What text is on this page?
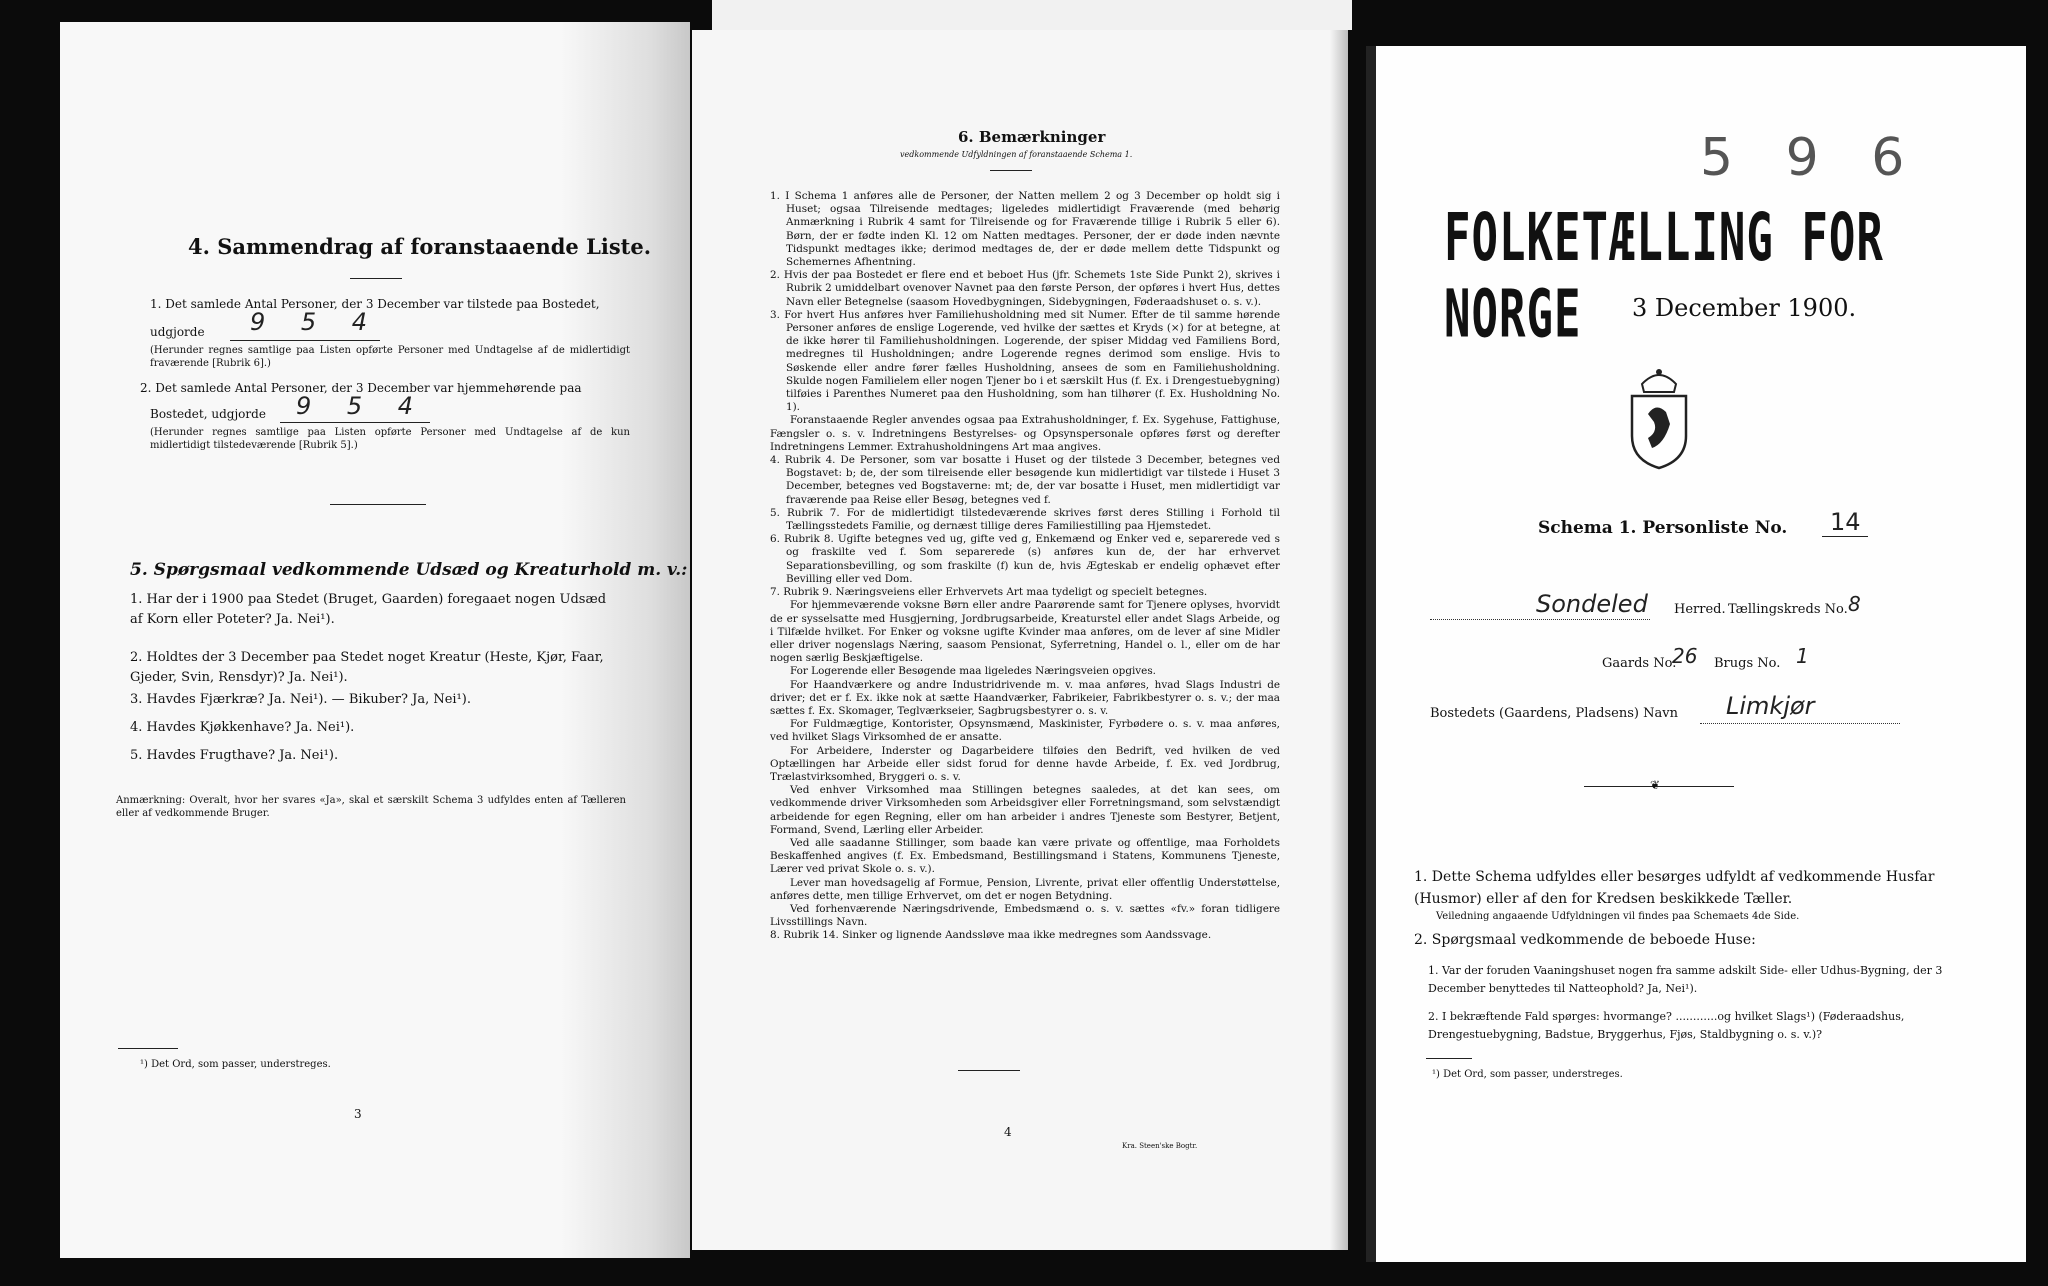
4. Sammendrag af foranstaaende Liste.
1. Det samlede Antal Personer, der 3 December var tilstede paa Bostedet,
udgjorde 9 5 4
(Herunder regnes samtlige paa Listen opførte Personer med Undtagelse af de midlertidigt fraværende [Rubrik 6].)
2. Det samlede Antal Personer, der 3 December var hjemmehørende paa
Bostedet, udgjorde 9 5 4
(Herunder regnes samtlige paa Listen opførte Personer med Undtagelse af de kun midlertidigt tilstedeværende [Rubrik 5].)
5. Spørgsmaal vedkommende Udsæd og Kreaturhold m. v.:
1. Har der i 1900 paa Stedet (Bruget, Gaarden) foregaaet nogen Udsæd af Korn eller Poteter? Ja. Nei¹).
2. Holdtes der 3 December paa Stedet noget Kreatur (Heste, Kjør, Faar, Gjeder, Svin, Rensdyr)? Ja. Nei¹).
3. Havdes Fjærkræ? Ja. Nei¹). — Bikuber? Ja, Nei¹).
4. Havdes Kjøkkenhave? Ja. Nei¹).
5. Havdes Frugthave? Ja. Nei¹).
Anmærkning: Overalt, hvor her svares «Ja», skal et særskilt Schema 3 udfyldes enten af Tælleren eller af vedkommende Bruger.
¹) Det Ord, som passer, understreges.
3
6. Bemærkninger
vedkommende Udfyldningen af foranstaaende Schema 1.

1. I Schema 1 anføres alle de Personer, der Natten mellem 2 og 3 December op holdt sig i Huset; ogsaa Tilreisende medtages; ligeledes midlertidigt Fraværende (med behørig Anmærkning i Rubrik 4 samt for Tilreisende og for Fraværende tillige i Rubrik 5 eller 6). Børn, der er fødte inden Kl. 12 om Natten medtages. Personer, der er døde inden nævnte Tidspunkt medtages ikke; derimod medtages de, der er døde mellem dette Tidspunkt og Schemernes Afhentning.

2. Hvis der paa Bostedet er flere end et beboet Hus (jfr. Schemets 1ste Side Punkt 2), skrives i Rubrik 2 umiddelbart ovenover Navnet paa den første Person, der opføres i hvert Hus, dettes Navn eller Betegnelse (saasom Hovedbygningen, Sidebygningen, Føderaadshuset o. s. v.).

3. For hvert Hus anføres hver Familiehusholdning med sit Numer. Efter de til samme hørende Personer anføres de enslige Logerende, ved hvilke der sættes et Kryds (×) for at betegne, at de ikke hører til Familiehusholdningen. Logerende, der spiser Middag ved Familiens Bord, medregnes til Husholdningen; andre Logerende regnes derimod som enslige. Hvis to Søskende eller andre fører fælles Husholdning, ansees de som en Familiehusholdning. Skulde nogen Familielem eller nogen Tjener bo i et særskilt Hus (f. Ex. i Drengestuebygning) tilføies i Parenthes Numeret paa den Husholdning, som han tilhører (f. Ex. Husholdning No. 1).

Foranstaaende Regler anvendes ogsaa paa Extrahusholdninger, f. Ex. Sygehuse, Fattighuse, Fængsler o. s. v. Indretningens Bestyrelses- og Opsynspersonale opføres først og derefter Indretningens Lemmer. Extrahusholdningens Art maa angives.

4. Rubrik 4. De Personer, som var bosatte i Huset og der tilstede 3 December, betegnes ved Bogstavet: b; de, der som tilreisende eller besøgende kun midlertidigt var tilstede i Huset 3 December, betegnes ved Bogstaverne: mt; de, der var bosatte i Huset, men midlertidigt var fraværende paa Reise eller Besøg, betegnes ved f.

5. Rubrik 7. For de midlertidigt tilstedeværende skrives først deres Stilling i Forhold til Tællingsstedets Familie, og dernæst tillige deres Familiestilling paa Hjemstedet.

6. Rubrik 8. Ugifte betegnes ved ug, gifte ved g, Enkemænd og Enker ved e, separerede ved s og fraskilte ved f. Som separerede (s) anføres kun de, der har erhvervet Separationsbevilling, og som fraskilte (f) kun de, hvis Ægteskab er endelig ophævet efter Bevilling eller ved Dom.

7. Rubrik 9. Næringsveiens eller Erhvervets Art maa tydeligt og specielt betegnes.

For hjemmeværende voksne Børn eller andre Paarørende samt for Tjenere oplyses, hvorvidt de er sysselsatte med Husgjerning, Jordbrugsarbeide, Kreaturstel eller andet Slags Arbeide, og i Tilfælde hvilket. For Enker og voksne ugifte Kvinder maa anføres, om de lever af sine Midler eller driver nogenslags Næring, saasom Pensionat, Syferretning, Handel o. l., eller om de har nogen særlig Beskjæftigelse.

For Logerende eller Besøgende maa ligeledes Næringsveien opgives.

For Haandværkere og andre Industridrivende m. v. maa anføres, hvad Slags Industri de driver; det er f. Ex. ikke nok at sætte Haandværker, Fabrikeier, Fabrikbestyrer o. s. v.; der maa sættes f. Ex. Skomager, Teglværkseier, Sagbrugsbestyrer o. s. v.

For Fuldmægtige, Kontorister, Opsynsmænd, Maskinister, Fyrbødere o. s. v. maa anføres, ved hvilket Slags Virksomhed de er ansatte.

For Arbeidere, Inderster og Dagarbeidere tilføies den Bedrift, ved hvilken de ved Optællingen har Arbeide eller sidst forud for denne havde Arbeide, f. Ex. ved Jordbrug, Trælastvirksomhed, Bryggeri o. s. v.

Ved enhver Virksomhed maa Stillingen betegnes saaledes, at det kan sees, om vedkommende driver Virksomheden som Arbeidsgiver eller Forretningsmand, som selvstændigt arbeidende for egen Regning, eller om han arbeider i andres Tjeneste som Bestyrer, Betjent, Formand, Svend, Lærling eller Arbeider.

Ved alle saadanne Stillinger, som baade kan være private og offentlige, maa Forholdets Beskaffenhed angives (f. Ex. Embedsmand, Bestillingsmand i Statens, Kommunens Tjeneste, Lærer ved privat Skole o. s. v.).

Lever man hovedsagelig af Formue, Pension, Livrente, privat eller offentlig Understøttelse, anføres dette, men tillige Erhvervet, om det er nogen Betydning.

Ved forhenværende Næringsdrivende, Embedsmænd o. s. v. sættes «fv.» foran tidligere Livsstillings Navn.

8. Rubrik 14. Sinker og lignende Aandssløve maa ikke medregnes som Aandssvage.

4
Kra. Steen'ske Bogtr.
5 9 6
FOLKETÆLLING FOR NORGE	3 December 1900.
Schema 1. Personliste No. 14
Sondeled Herred. Tællingskreds No. 8
Gaards No.
26 Brugs No. 1
Bostedets (Gaardens, Pladsens) Navn Limkjør
❦
1. Dette Schema udfyldes eller besørges udfyldt af vedkommende Husfar (Husmor) eller af den for Kredsen beskikkede Tæller.
Veiledning angaaende Udfyldningen vil findes paa Schemaets 4de Side.
2. Spørgsmaal vedkommende de beboede Huse:
1. Var der foruden Vaaningshuset nogen fra samme adskilt Side- eller Udhus-Bygning, der 3 December benyttedes til Natteophold? Ja, Nei¹).
2. I bekræftende Fald spørges: hvormange? ............og hvilket Slags¹) (Føderaadshus, Drengestuebygning, Badstue, Bryggerhus, Fjøs, Staldbygning o. s. v.)?
¹) Det Ord, som passer, understreges.
